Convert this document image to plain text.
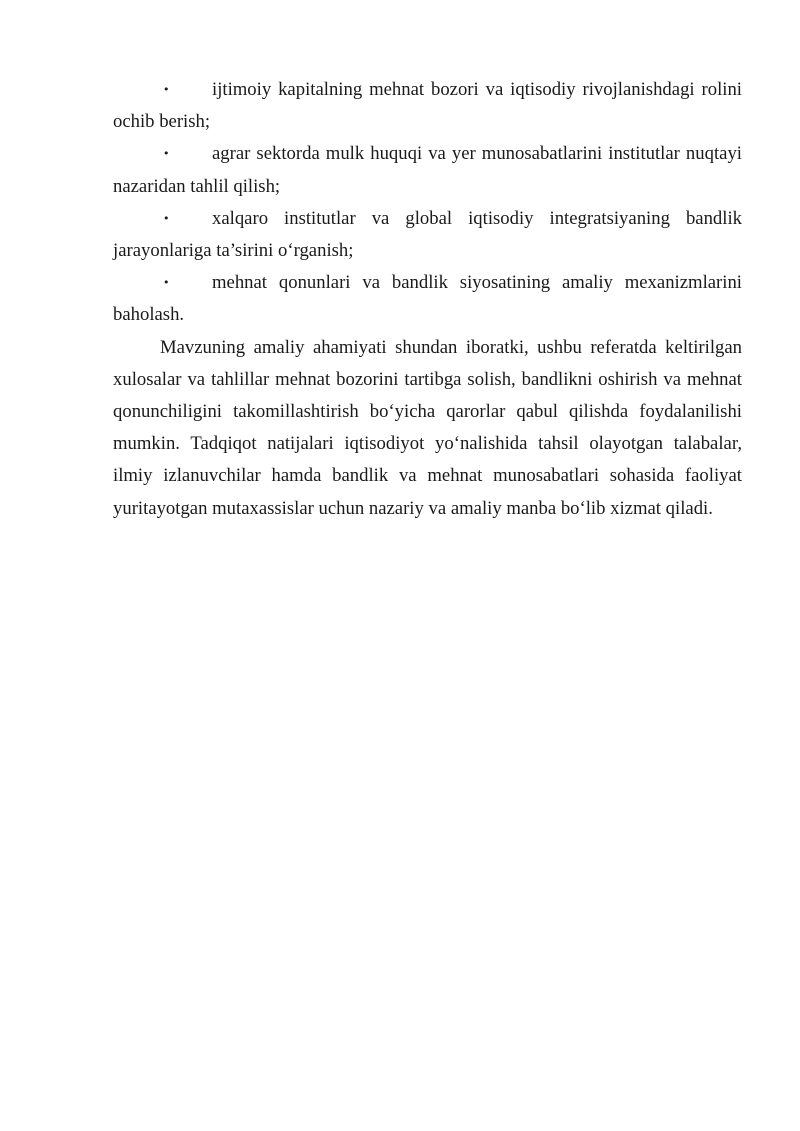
• ijtimoiy kapitalning mehnat bozori va iqtisodiy rivojlanishdagi rolini ochib berish;

• agrar sektorda mulk huquqi va yer munosabatlarini institutlar nuqtayi nazaridan tahlil qilish;

• xalqaro institutlar va global iqtisodiy integratsiyaning bandlik jarayonlariga ta’sirini o‘rganish;

• mehnat qonunlari va bandlik siyosatining amaliy mexanizmlarini baholash.

Mavzuning amaliy ahamiyati shundan iboratki, ushbu referatda keltirilgan xulosalar va tahlillar mehnat bozorini tartibga solish, bandlikni oshirish va mehnat qonunchiligini takomillashtirish bo‘yicha qarorlar qabul qilishda foydalanilishi mumkin. Tadqiqot natijalari iqtisodiyot yo‘nalishida tahsil olayotgan talabalar, ilmiy izlanuvchilar hamda bandlik va mehnat munosabatlari sohasida faoliyat yuritayotgan mutaxassislar uchun nazariy va amaliy manba bo‘lib xizmat qiladi.
